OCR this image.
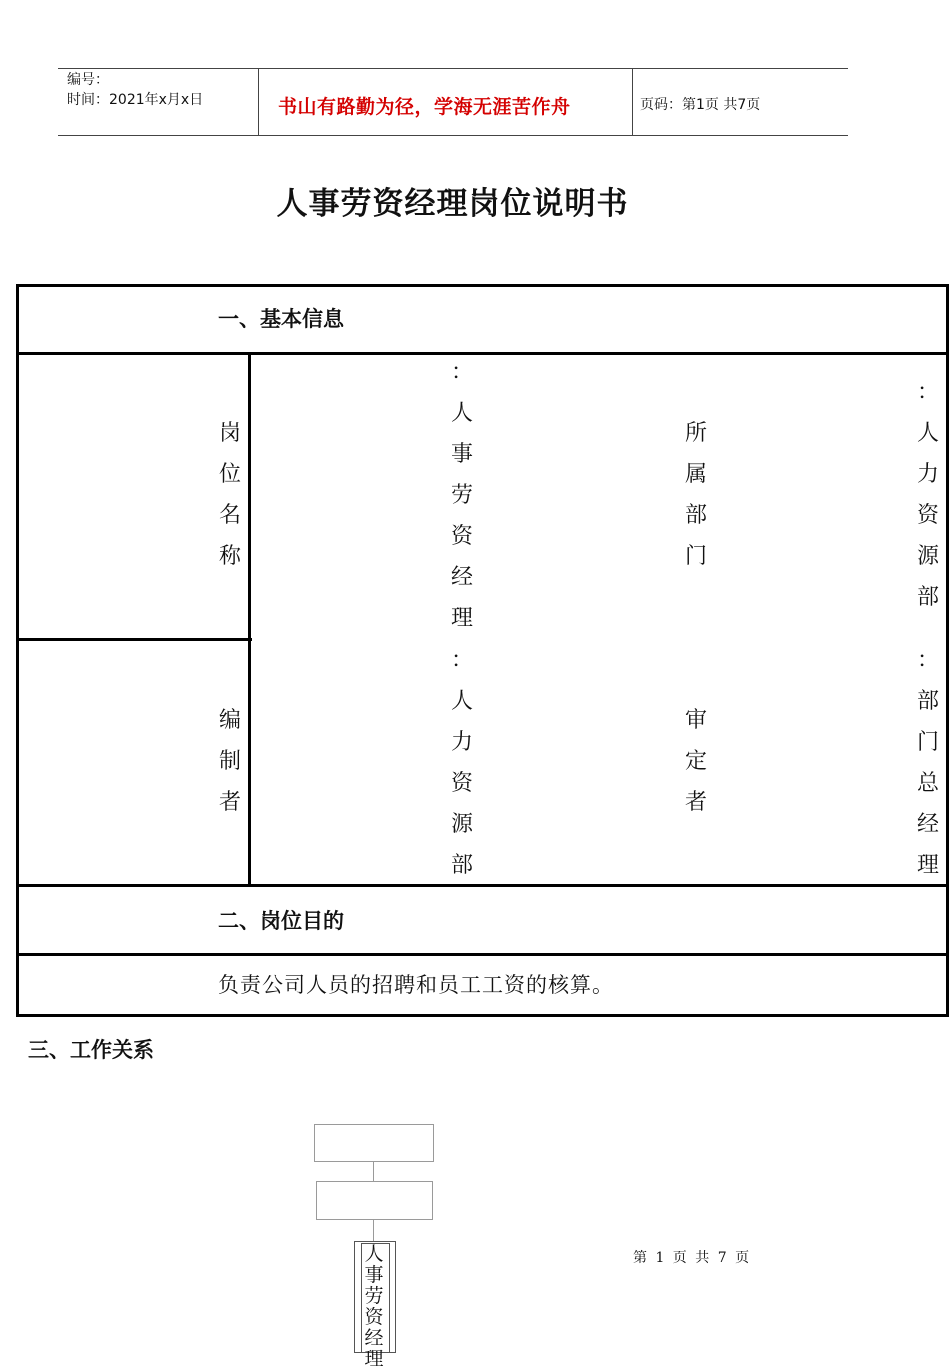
编号：
时间：2021年x月x日	书山有路勤为径，学海无涯苦作舟	页码：第1页 共7页
人事劳资经理岗位说明书
一、基本信息
岗位名称
：人事劳资经理
所属部门
：人力资源部
编制者
：人力资源部
审定者
：部门总经理
二、岗位目的
负责公司人员的招聘和员工工资的核算。
三、工作关系
人事劳资经理
第 1 页 共 7 页
